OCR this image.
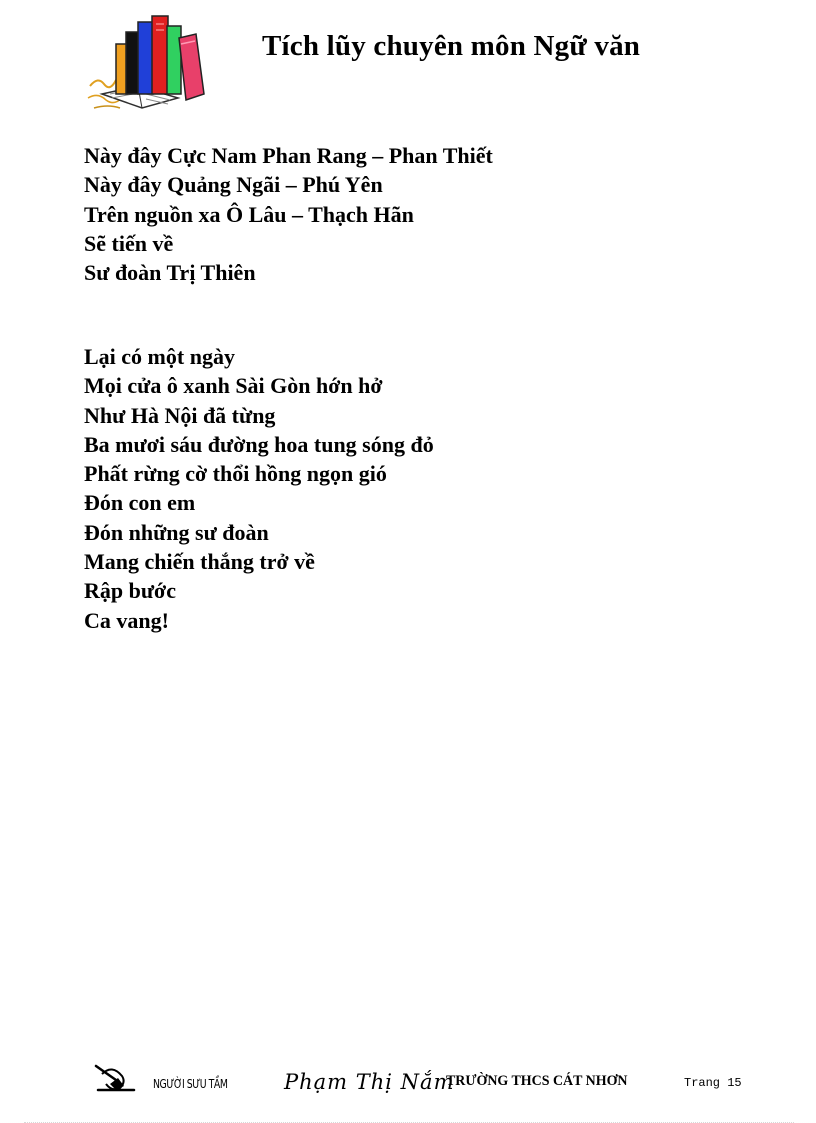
Tích lũy chuyên môn Ngữ văn
Này đây Cực Nam Phan Rang – Phan Thiết
Này đây Quảng Ngãi – Phú Yên
Trên nguồn xa Ô Lâu – Thạch Hãn
Sẽ tiến về
Sư đoàn Trị Thiên
Lại có một ngày
Mọi cửa ô xanh Sài Gòn hớn hở
Như Hà Nội đã từng
Ba mươi sáu đường hoa tung sóng đỏ
Phất rừng cờ thổi hồng ngọn gió
Đón con em
Đón những sư đoàn
Mang chiến thắng trở về
Rập bước
Ca vang!
NGƯỜI SƯU TẦM	Phạm Thị Nắm
TRƯỜNG THCS CÁT NHƠN	Trang 15
